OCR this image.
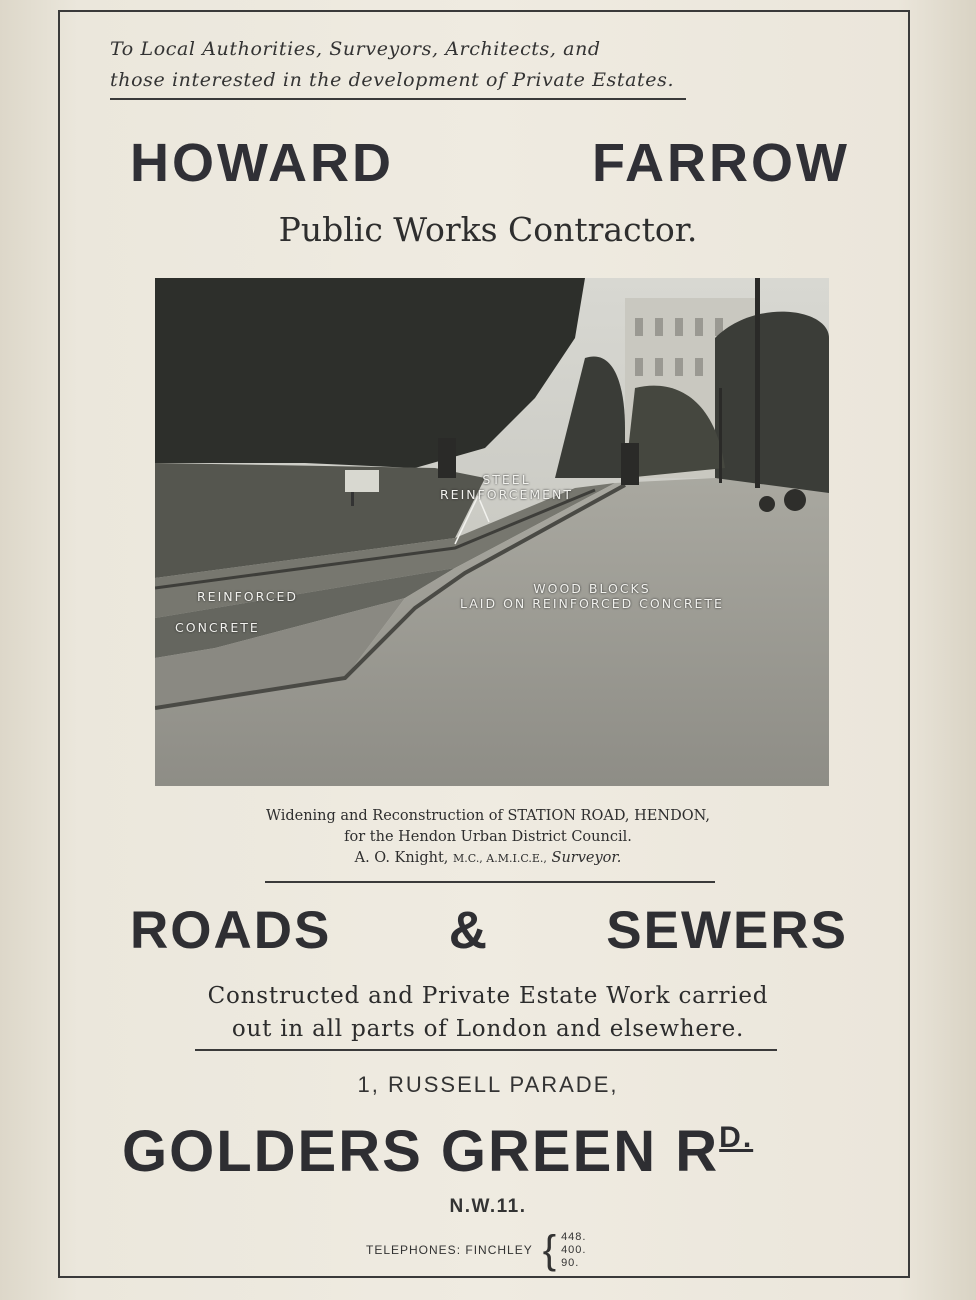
To Local Authorities, Surveyors, Architects, and

those interested in the development of Private Estates.
HOWARD	FARROW
Public Works Contractor.
STEEL
REINFORCEMENT
REINFORCED
CONCRETE
WOOD BLOCKS
LAID ON REINFORCED CONCRETE
Widening and Reconstruction of STATION ROAD, HENDON,
for the Hendon Urban District Council.
A. O. Knight, M.C., A.M.I.C.E., Surveyor.
ROADS & SEWERS
Constructed and Private Estate Work carried
out in all parts of London and elsewhere.
1, RUSSELL PARADE,
GOLDERS GREEN $R^{D.}$
N.W.11.
TELEPHONES: FINCHLEY { 448.
400.
90.
